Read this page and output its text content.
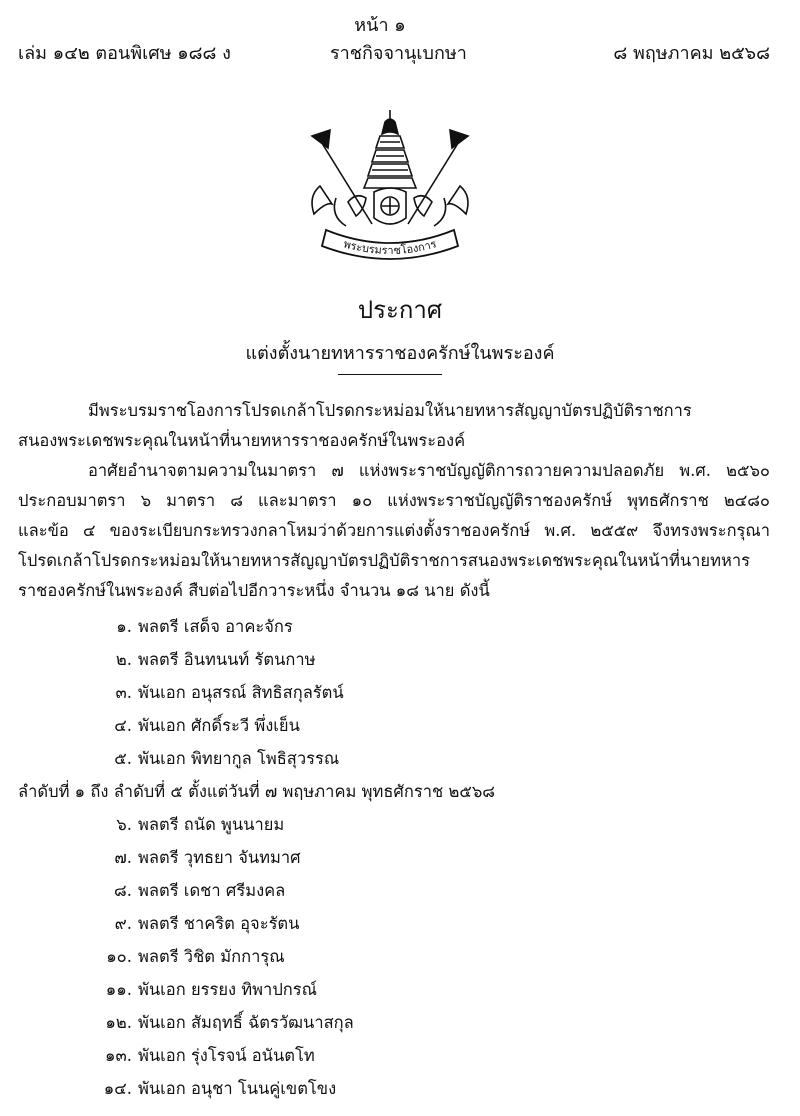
หน้า ๑
เล่ม ๑๔๒ ตอนพิเศษ ๑๘๘ ง	ราชกิจจานุเบกษา	๘ พฤษภาคม ๒๕๖๘
พระบรมราชโองการ
ประกาศ
แต่งตั้งนายทหารราชองครักษ์ในพระองค์

มีพระบรมราชโองการโปรดเกล้าโปรดกระหม่อมให้นายทหารสัญญาบัตรปฏิบัติราชการ

สนองพระเดชพระคุณในหน้าที่นายทหารราชองครักษ์ในพระองค์

อาศัยอำนาจตามความในมาตรา ๗ แห่งพระราชบัญญัติการถวายความปลอดภัย พ.ศ. ๒๕๖๐

ประกอบมาตรา ๖ มาตรา ๘ และมาตรา ๑๐ แห่งพระราชบัญญัติราชองครักษ์ พุทธศักราช ๒๔๘๐

และข้อ ๔ ของระเบียบกระทรวงกลาโหมว่าด้วยการแต่งตั้งราชองครักษ์ พ.ศ. ๒๕๕๙ จึงทรงพระกรุณา

โปรดเกล้าโปรดกระหม่อมให้นายทหารสัญญาบัตรปฏิบัติราชการสนองพระเดชพระคุณในหน้าที่นายทหาร

ราชองครักษ์ในพระองค์ สืบต่อไปอีกวาระหนึ่ง จำนวน ๑๘ นาย ดังนี้

๑. พลตรี เสด็จ อาคะจักร
๒. พลตรี อินทนนท์ รัตนกาษ
๓. พันเอก อนุสรณ์ สิทธิสกุลรัตน์
๔. พันเอก ศักดิ์ระวี พึ่งเย็น
๕. พันเอก พิทยากูล โพธิสุวรรณ
ลำดับที่ ๑ ถึง ลำดับที่ ๕ ตั้งแต่วันที่ ๗ พฤษภาคม พุทธศักราช ๒๕๖๘
๖. พลตรี ถนัด พูนนายม
๗. พลตรี วุทธยา จันทมาศ
๘. พลตรี เดชา ศรีมงคล
๙. พลตรี ชาคริต อุจะรัตน
๑๐. พลตรี วิชิต มักการุณ
๑๑. พันเอก ยรรยง ทิพาปกรณ์
๑๒. พันเอก สัมฤทธิ์ ฉัตรวัฒนาสกุล
๑๓. พันเอก รุ่งโรจน์ อนันตโท
๑๔. พันเอก อนุชา โนนคู่เขตโขง
